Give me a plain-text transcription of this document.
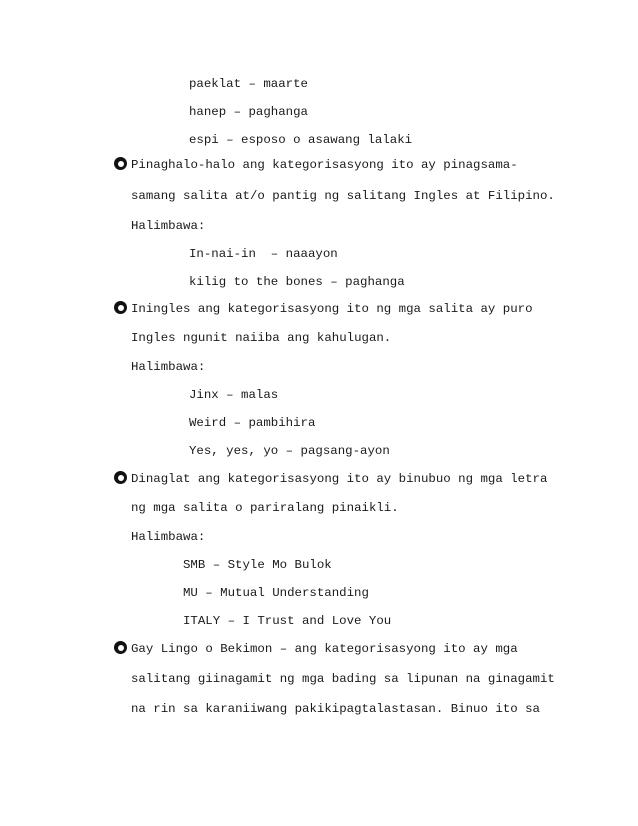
paeklat – maarte
hanep – paghanga
espi – esposo o asawang lalaki
Pinaghalo-halo ang kategorisasyong ito ay pinagsama-
samang salita at/o pantig ng salitang Ingles at Filipino.
Halimbawa:
In-nai-in  – naaayon
kilig to the bones – paghanga
Iningles ang kategorisasyong ito ng mga salita ay puro
Ingles ngunit naiiba ang kahulugan.
Halimbawa:
Jinx – malas
Weird – pambihira
Yes, yes, yo – pagsang-ayon
Dinaglat ang kategorisasyong ito ay binubuo ng mga letra
ng mga salita o pariralang pinaikli.
Halimbawa:
SMB – Style Mo Bulok
MU – Mutual Understanding
ITALY – I Trust and Love You
Gay Lingo o Bekimon – ang kategorisasyong ito ay mga
salitang giinagamit ng mga bading sa lipunan na ginagamit
na rin sa karaniiwang pakikipagtalastasan. Binuo ito sa
